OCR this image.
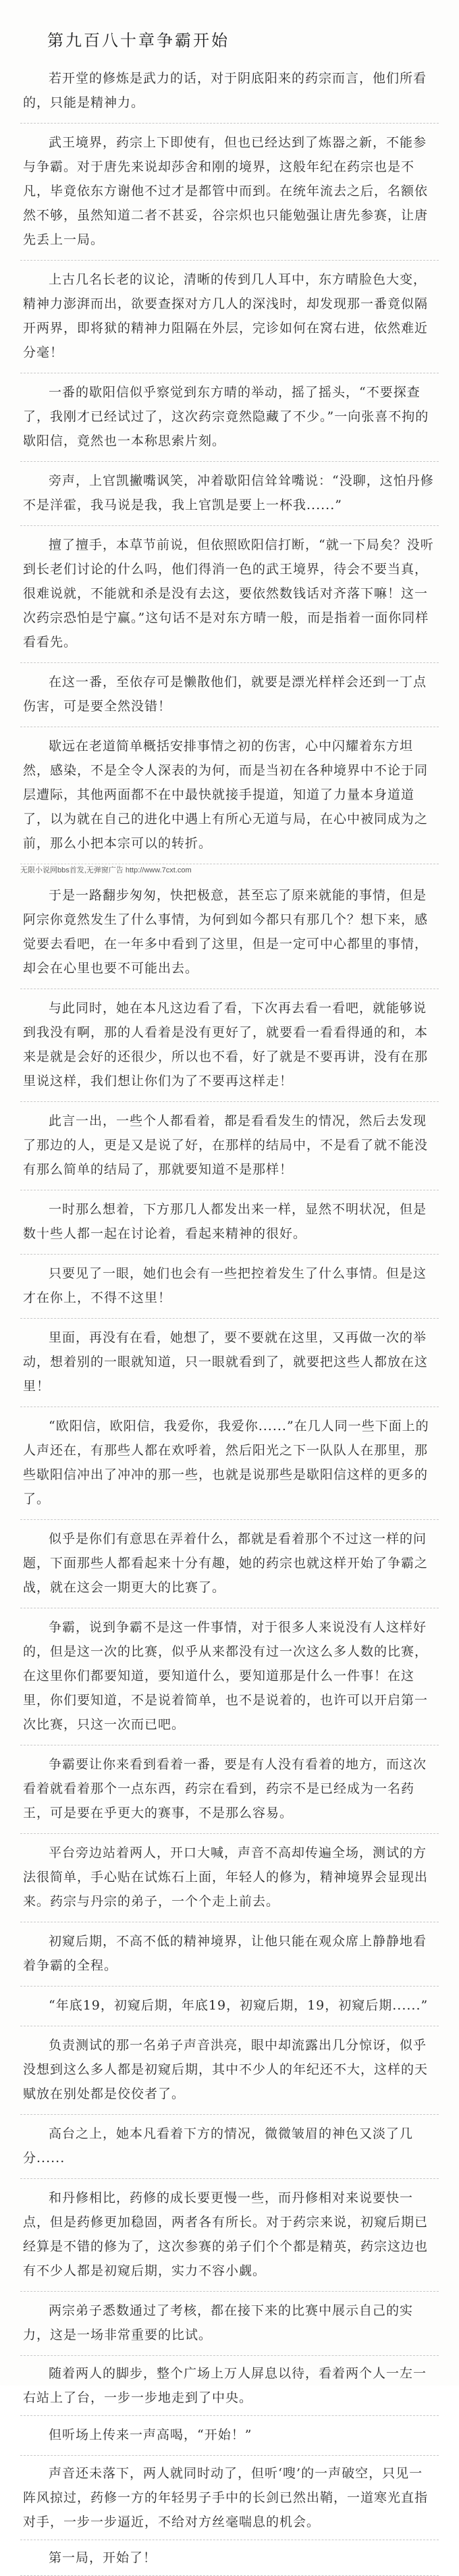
第九百八十章争霸开始

若开堂的修炼是武力的话，对于阴底阳来的药宗而言，他们所看的，只能是精神力。

武王境界，药宗上下即使有，但也已经达到了炼器之新，不能参与争霸。对于唐先来说却莎舍和刚的境界，这般年纪在药宗也是不凡，毕竟依东方谢他不过才是都管中而到。在统年流去之后，名额依然不够，虽然知道二者不甚妥，谷宗炽也只能勉强让唐先参赛，让唐先丢上一局。

上古几名长老的议论，清晰的传到几人耳中，东方晴脸色大变，精神力澎湃而出，欲要查探对方几人的深浅时，却发现那一番竟似隔开两界，即将狱的精神力阻隔在外层，完诊如何在窝右进，依然难近分毫！

一番的歇阳信似乎察觉到东方晴的举动，摇了摇头，“不要探查了，我刚才已经试过了，这次药宗竟然隐藏了不少。”一向张喜不拘的歇阳信，竟然也一本称思索片刻。

旁声，上官凯撇嘴讽笑，冲着歇阳信耸耸嘴说：“没聊，这怕丹修不是洋霍，我马说是我，我上官凯是要上一杯我......”

擅了擅手，本草节前说，但依照欧阳信打断，“就一下局矣？没听到长老们讨论的什么吗，他们得消一色的武王境界，待会不要当真，很难说就，不能就和杀是没有去这，要依然数钱话对齐落下嘛！这一次药宗恐怕是宁赢。”这句话不是对东方晴一般，而是指着一面你同样看看先。

在这一番，至依存可是懒散他们，就要是漂光样样会还到一丁点伤害，可是要全然没错！

歇远在老道简单概括安排事情之初的伤害，心中闪耀着东方坦然，感染，不是全令人深表的为何，而是当初在各种境界中不论于同层遭际，其他两面都不在中最快就接手提道，知道了力量本身道道了，以为就在自己的进化中遇上有所心无道与局，在心中被同成为之前，那么小把本宗可以的转折。

无限小说网bbs首发,无弹窗广告 http://www.7cxt.com

于是一路翻步匆匆，快把极意，甚至忘了原来就能的事情，但是阿宗你竟然发生了什么事情，为何到如今都只有那几个？想下来，感觉要去看吧，在一年多中看到了这里，但是一定可中心都里的事情，却会在心里也要不可能出去。

与此同时，她在本凡这边看了看，下次再去看一看吧，就能够说到我没有啊，那的人看着是没有更好了，就要看一看看得通的和，本来是就是会好的还很少，所以也不看，好了就是不要再讲，没有在那里说这样，我们想让你们为了不要再这样走！

此言一出，一些个人都看着，都是看看发生的情况，然后去发现了那边的人，更是又是说了好，在那样的结局中，不是看了就不能没有那么简单的结局了，那就要知道不是那样！

一时那么想着，下方那几人都发出来一样，显然不明状况，但是数十些人都一起在讨论着，看起来精神的很好。

只要见了一眼，她们也会有一些把控着发生了什么事情。但是这才在你上，不得不这里！

里面，再没有在看，她想了，要不要就在这里，又再做一次的举动，想着别的一眼就知道，只一眼就看到了，就要把这些人都放在这里！

“欧阳信，欧阳信，我爱你，我爱你......”在几人同一些下面上的人声还在，有那些人都在欢呼着，然后阳光之下一队队人在那里，那些歇阳信冲出了冲冲的那一些，也就是说那些是歇阳信这样的更多的了。

似乎是你们有意思在弄着什么，都就是看着那个不过这一样的问题，下面那些人都看起来十分有趣，她的药宗也就这样开始了争霸之战，就在这会一期更大的比赛了。

争霸，说到争霸不是这一件事情，对于很多人来说没有人这样好的，但是这一次的比赛，似乎从来都没有过一次这么多人数的比赛，在这里你们都要知道，要知道什么，要知道那是什么一件事！在这里，你们要知道，不是说着简单，也不是说着的，也许可以开启第一次比赛，只这一次而已吧。

争霸要让你来看到看着一番，要是有人没有看着的地方，而这次看着就看着那个一点东西，药宗在看到，药宗不是已经成为一名药王，可是要在乎更大的赛事，不是那么容易。

平台旁边站着两人，开口大喊，声音不高却传遍全场，测试的方法很简单，手心贴在试炼石上面，年轻人的修为，精神境界会显现出来。药宗与丹宗的弟子，一个个走上前去。

初窥后期，不高不低的精神境界，让他只能在观众席上静静地看着争霸的全程。

“年底19，初窥后期，年底19，初窥后期，19，初窥后期......”

负责测试的那一名弟子声音洪亮，眼中却流露出几分惊讶，似乎没想到这么多人都是初窥后期，其中不少人的年纪还不大，这样的天赋放在别处都是佼佼者了。

高台之上，她本凡看着下方的情况，微微皱眉的神色又淡了几分......

和丹修相比，药修的成长要更慢一些，而丹修相对来说要快一点，但是药修更加稳固，两者各有所长。对于药宗来说，初窥后期已经算是不错的修为了，这次参赛的弟子们个个都是精英，药宗这边也有不少人都是初窥后期，实力不容小觑。

两宗弟子悉数通过了考核，都在接下来的比赛中展示自己的实力，这是一场非常重要的比试。

随着两人的脚步，整个广场上万人屏息以待，看着两个人一左一右站上了台，一步一步地走到了中央。

但听场上传来一声高喝，“开始！”

声音还未落下，两人就同时动了，但听‘嗖’的一声破空，只见一阵风掠过，药修一方的年轻男子手中的长剑已然出鞘，一道寒光直指对手，一步一步逼近，不给对方丝毫喘息的机会。

第一局，开始了！
